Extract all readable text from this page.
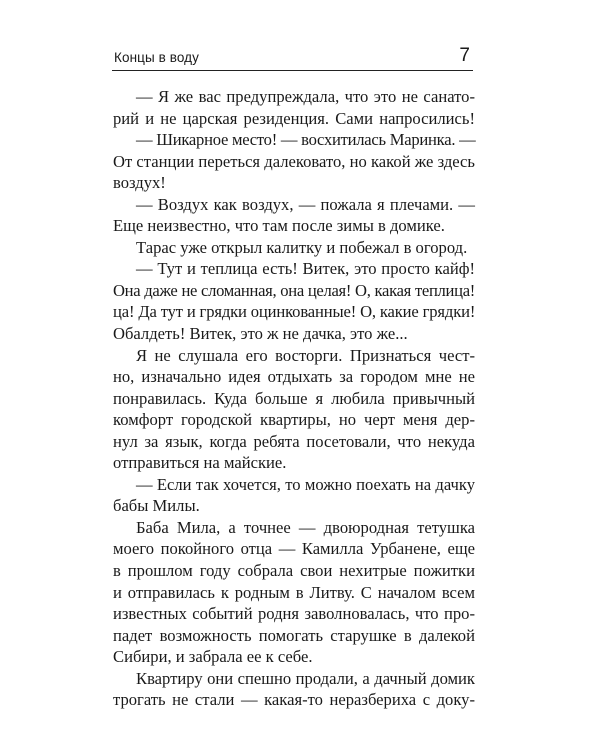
Концы в воду	7
— Я же вас предупреждала, что это не санато-
рий и не царская резиденция. Сами напросились!
— Шикарное место! — восхитилась Маринка. —
От станции переться далековато, но какой же здесь
воздух!
— Воздух как воздух, — пожала я плечами. —
Еще неизвестно, что там после зимы в домике.
Тарас уже открыл калитку и побежал в огород.
— Тут и теплица есть! Витек, это просто кайф!
Она даже не сломанная, она целая! О, какая теплица!
ца! Да тут и грядки оцинкованные! О, какие грядки!
Обалдеть! Витек, это ж не дачка, это же...
Я не слушала его восторги. Признаться чест-
но, изначально идея отдыхать за городом мне не
понравилась. Куда больше я любила привычный
комфорт городской квартиры, но черт меня дер-
нул за язык, когда ребята посетовали, что некуда
отправиться на майские.
— Если так хочется, то можно поехать на дачку
бабы Милы.
Баба Мила, а точнее — двоюродная тетушка
моего покойного отца — Камилла Урбанене, еще
в прошлом году собрала свои нехитрые пожитки
и отправилась к родным в Литву. С началом всем
известных событий родня заволновалась, что про-
падет возможность помогать старушке в далекой
Сибири, и забрала ее к себе.
Квартиру они спешно продали, а дачный домик
трогать не стали — какая-то неразбериха с доку-
